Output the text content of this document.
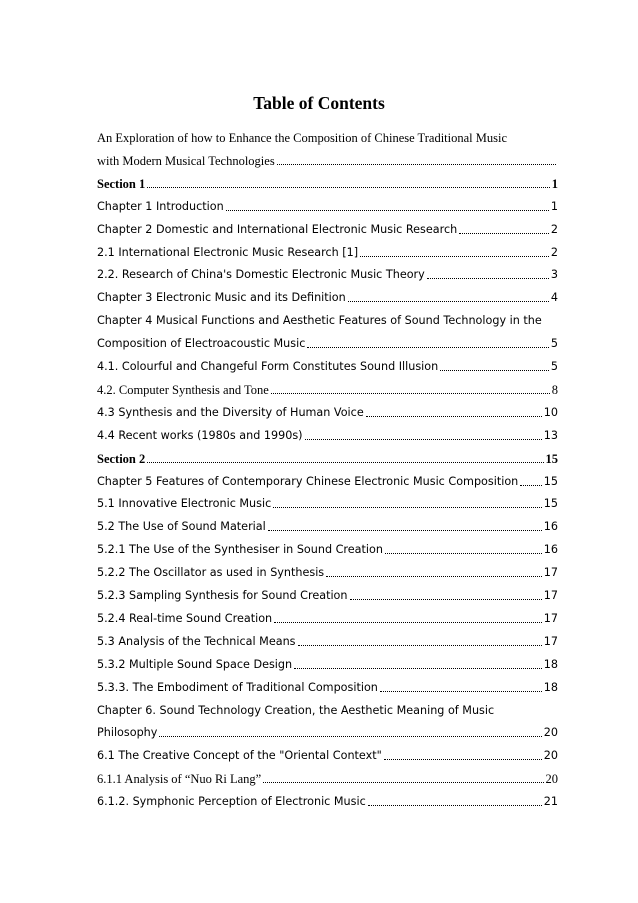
Table of Contents
An Exploration of how to Enhance the Composition of Chinese Traditional Music
with Modern Musical Technologies
Section 1	1
Chapter 1 Introduction	1
Chapter 2 Domestic and International Electronic Music Research	2
2.1 International Electronic Music Research [1]	2
2.2. Research of China's Domestic Electronic Music Theory	3
Chapter 3 Electronic Music and its Definition	4
Chapter 4 Musical Functions and Aesthetic Features of Sound Technology in the
Composition of Electroacoustic Music	5
4.1. Colourful and Changeful Form Constitutes Sound Illusion	5
4.2. Computer Synthesis and Tone	8
4.3 Synthesis and the Diversity of Human Voice	10
4.4 Recent works (1980s and 1990s)	13
Section 2	15
Chapter 5 Features of Contemporary Chinese Electronic Music Composition 15
5.1 Innovative Electronic Music	15
5.2 The Use of Sound Material	16
5.2.1 The Use of the Synthesiser in Sound Creation	16
5.2.2 The Oscillator as used in Synthesis	17
5.2.3 Sampling Synthesis for Sound Creation	17
5.2.4 Real-time Sound Creation	17
5.3 Analysis of the Technical Means	17
5.3.2 Multiple Sound Space Design	18
5.3.3. The Embodiment of Traditional Composition	18
Chapter 6. Sound Technology Creation, the Aesthetic Meaning of Music
Philosophy	20
6.1 The Creative Concept of the "Oriental Context"	20
6.1.1 Analysis of “Nuo Ri Lang”	20
6.1.2. Symphonic Perception of Electronic Music	21
